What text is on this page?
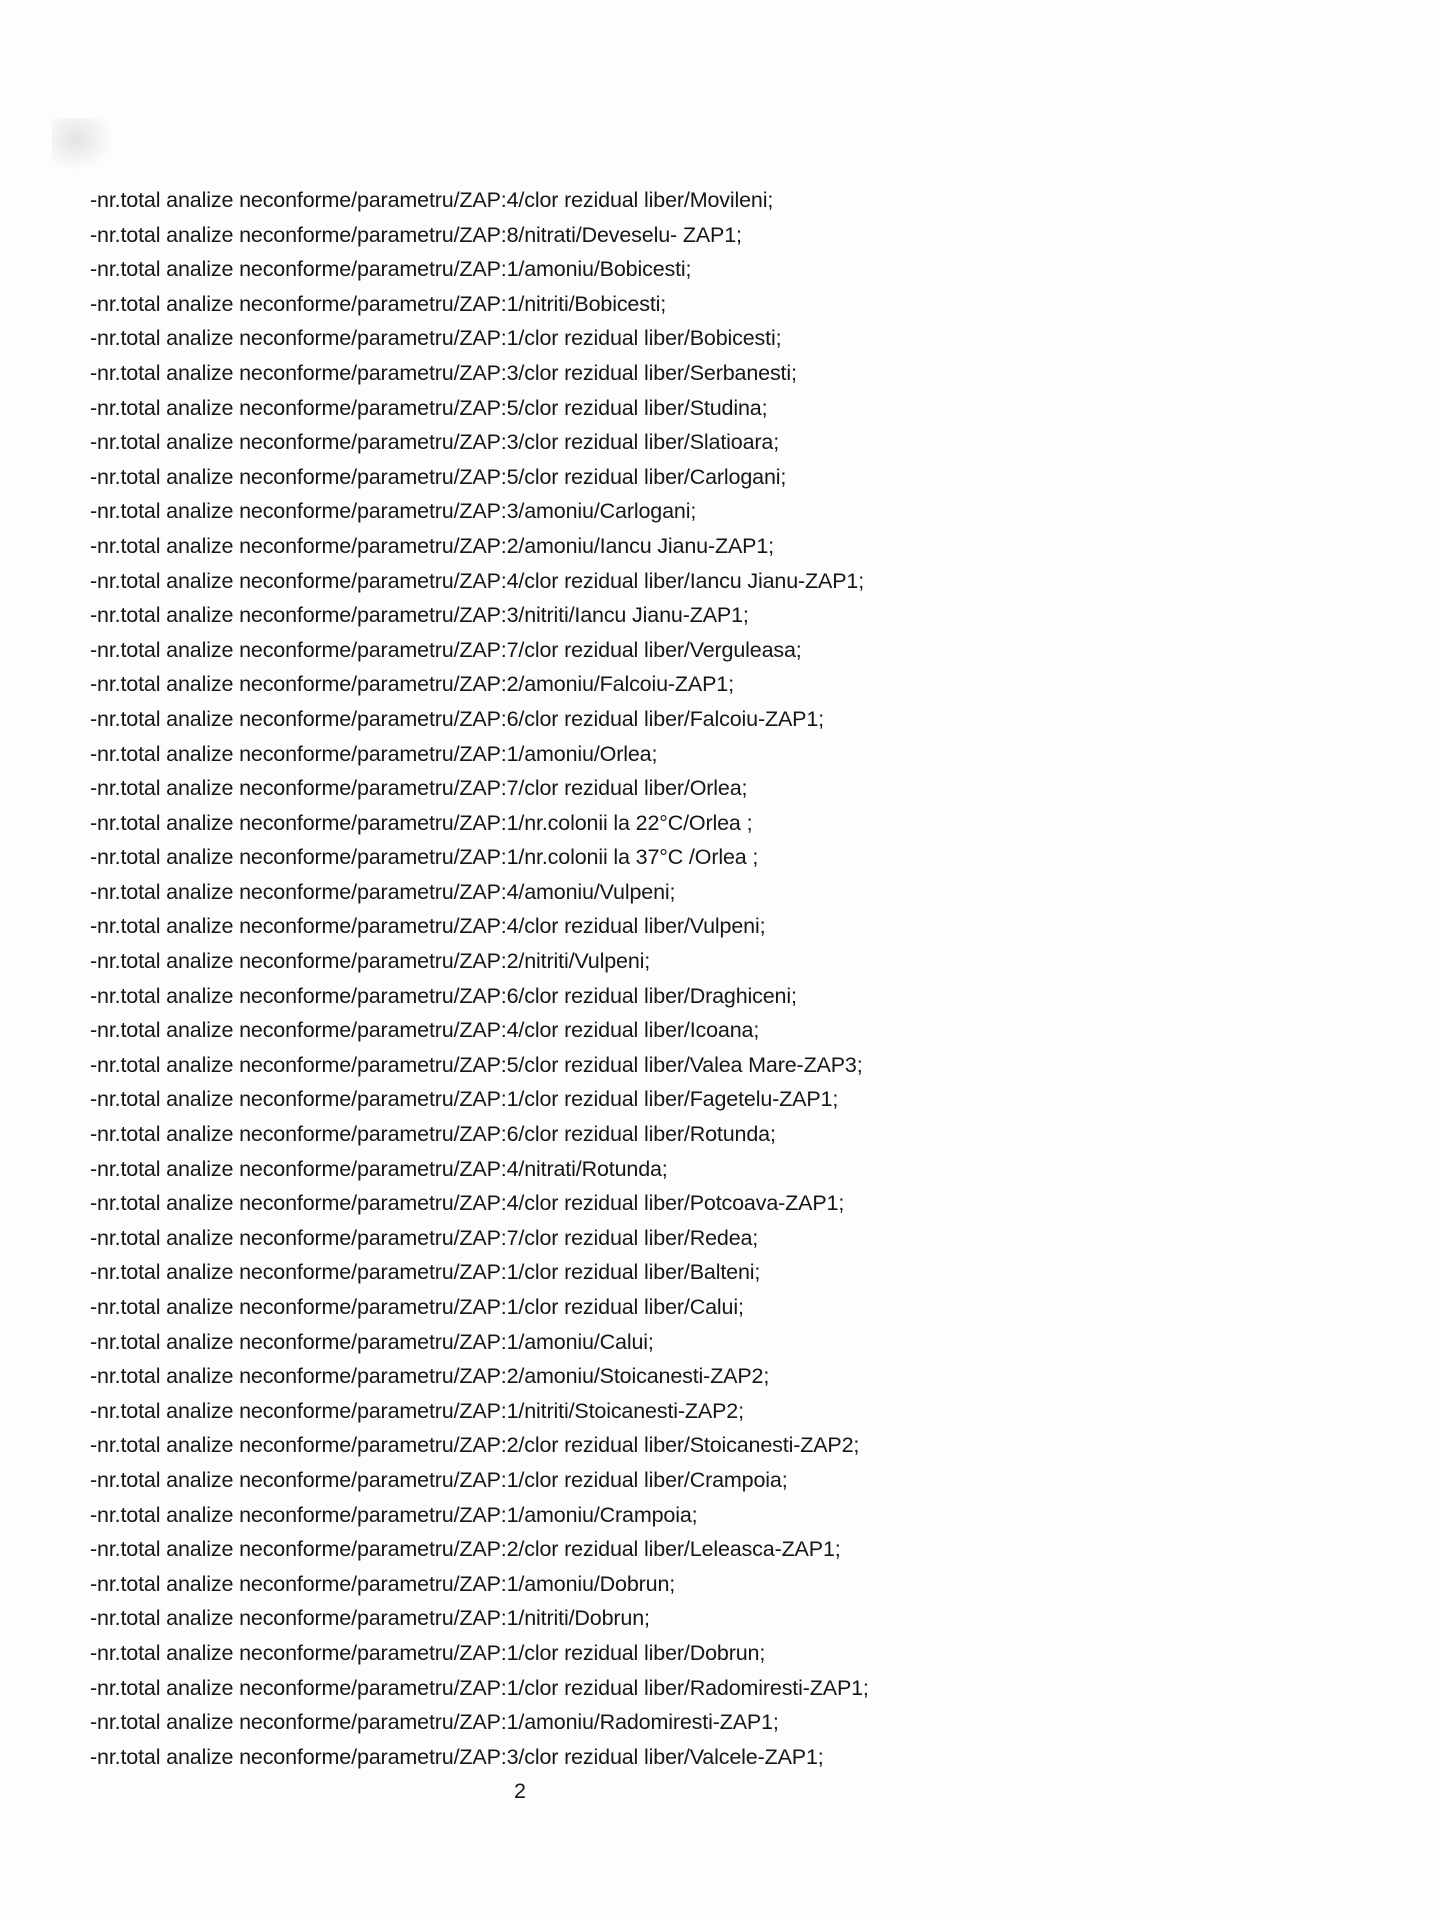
-nr.total analize neconforme/parametru/ZAP:4/clor rezidual liber/Movileni;
-nr.total analize neconforme/parametru/ZAP:8/nitrati/Deveselu- ZAP1;
-nr.total analize neconforme/parametru/ZAP:1/amoniu/Bobicesti;
-nr.total analize neconforme/parametru/ZAP:1/nitriti/Bobicesti;
-nr.total analize neconforme/parametru/ZAP:1/clor rezidual liber/Bobicesti;
-nr.total analize neconforme/parametru/ZAP:3/clor rezidual liber/Serbanesti;
-nr.total analize neconforme/parametru/ZAP:5/clor rezidual liber/Studina;
-nr.total analize neconforme/parametru/ZAP:3/clor rezidual liber/Slatioara;
-nr.total analize neconforme/parametru/ZAP:5/clor rezidual liber/Carlogani;
-nr.total analize neconforme/parametru/ZAP:3/amoniu/Carlogani;
-nr.total analize neconforme/parametru/ZAP:2/amoniu/Iancu Jianu-ZAP1;
-nr.total analize neconforme/parametru/ZAP:4/clor rezidual liber/Iancu Jianu-ZAP1;
-nr.total analize neconforme/parametru/ZAP:3/nitriti/Iancu Jianu-ZAP1;
-nr.total analize neconforme/parametru/ZAP:7/clor rezidual liber/Verguleasa;
-nr.total analize neconforme/parametru/ZAP:2/amoniu/Falcoiu-ZAP1;
-nr.total analize neconforme/parametru/ZAP:6/clor rezidual liber/Falcoiu-ZAP1;
-nr.total analize neconforme/parametru/ZAP:1/amoniu/Orlea;
-nr.total analize neconforme/parametru/ZAP:7/clor rezidual liber/Orlea;
-nr.total analize neconforme/parametru/ZAP:1/nr.colonii la 22°C/Orlea ;
-nr.total analize neconforme/parametru/ZAP:1/nr.colonii la 37°C /Orlea ;
-nr.total analize neconforme/parametru/ZAP:4/amoniu/Vulpeni;
-nr.total analize neconforme/parametru/ZAP:4/clor rezidual liber/Vulpeni;
-nr.total analize neconforme/parametru/ZAP:2/nitriti/Vulpeni;
-nr.total analize neconforme/parametru/ZAP:6/clor rezidual liber/Draghiceni;
-nr.total analize neconforme/parametru/ZAP:4/clor rezidual liber/Icoana;
-nr.total analize neconforme/parametru/ZAP:5/clor rezidual liber/Valea Mare-ZAP3;
-nr.total analize neconforme/parametru/ZAP:1/clor rezidual liber/Fagetelu-ZAP1;
-nr.total analize neconforme/parametru/ZAP:6/clor rezidual liber/Rotunda;
-nr.total analize neconforme/parametru/ZAP:4/nitrati/Rotunda;
-nr.total analize neconforme/parametru/ZAP:4/clor rezidual liber/Potcoava-ZAP1;
-nr.total analize neconforme/parametru/ZAP:7/clor rezidual liber/Redea;
-nr.total analize neconforme/parametru/ZAP:1/clor rezidual liber/Balteni;
-nr.total analize neconforme/parametru/ZAP:1/clor rezidual liber/Calui;
-nr.total analize neconforme/parametru/ZAP:1/amoniu/Calui;
-nr.total analize neconforme/parametru/ZAP:2/amoniu/Stoicanesti-ZAP2;
-nr.total analize neconforme/parametru/ZAP:1/nitriti/Stoicanesti-ZAP2;
-nr.total analize neconforme/parametru/ZAP:2/clor rezidual liber/Stoicanesti-ZAP2;
-nr.total analize neconforme/parametru/ZAP:1/clor rezidual liber/Crampoia;
-nr.total analize neconforme/parametru/ZAP:1/amoniu/Crampoia;
-nr.total analize neconforme/parametru/ZAP:2/clor rezidual liber/Leleasca-ZAP1;
-nr.total analize neconforme/parametru/ZAP:1/amoniu/Dobrun;
-nr.total analize neconforme/parametru/ZAP:1/nitriti/Dobrun;
-nr.total analize neconforme/parametru/ZAP:1/clor rezidual liber/Dobrun;
-nr.total analize neconforme/parametru/ZAP:1/clor rezidual liber/Radomiresti-ZAP1;
-nr.total analize neconforme/parametru/ZAP:1/amoniu/Radomiresti-ZAP1;
-nr.total analize neconforme/parametru/ZAP:3/clor rezidual liber/Valcele-ZAP1;
2
